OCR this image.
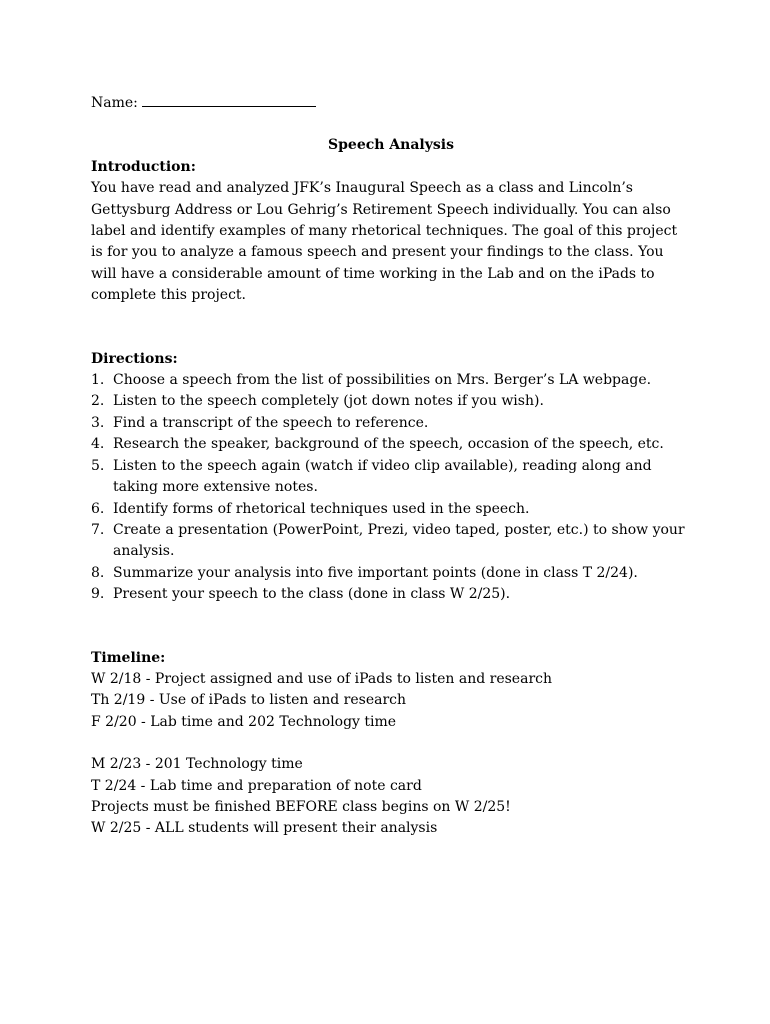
Name:

Speech Analysis

Introduction:

You have read and analyzed JFK’s Inaugural Speech as a class and Lincoln’s Gettysburg Address or Lou Gehrig’s Retirement Speech individually. You can also label and identify examples of many rhetorical techniques. The goal of this project is for you to analyze a famous speech and present your findings to the class. You will have a considerable amount of time working in the Lab and on the iPads to complete this project.

Directions:

1. Choose a speech from the list of possibilities on Mrs. Berger’s LA webpage.
2. Listen to the speech completely (jot down notes if you wish).
3. Find a transcript of the speech to reference.
4. Research the speaker, background of the speech, occasion of the speech, etc.
5. Listen to the speech again (watch if video clip available), reading along and taking more extensive notes.
6. Identify forms of rhetorical techniques used in the speech.
7. Create a presentation (PowerPoint, Prezi, video taped, poster, etc.) to show your analysis.
8. Summarize your analysis into five important points (done in class T 2/24).
9. Present your speech to the class (done in class W 2/25).

Timeline:

W 2/18 - Project assigned and use of iPads to listen and research

Th 2/19 - Use of iPads to listen and research

F 2/20 - Lab time and 202 Technology time

M 2/23 - 201 Technology time

T 2/24 - Lab time and preparation of note card

Projects must be finished BEFORE class begins on W 2/25!

W 2/25 - ALL students will present their analysis
